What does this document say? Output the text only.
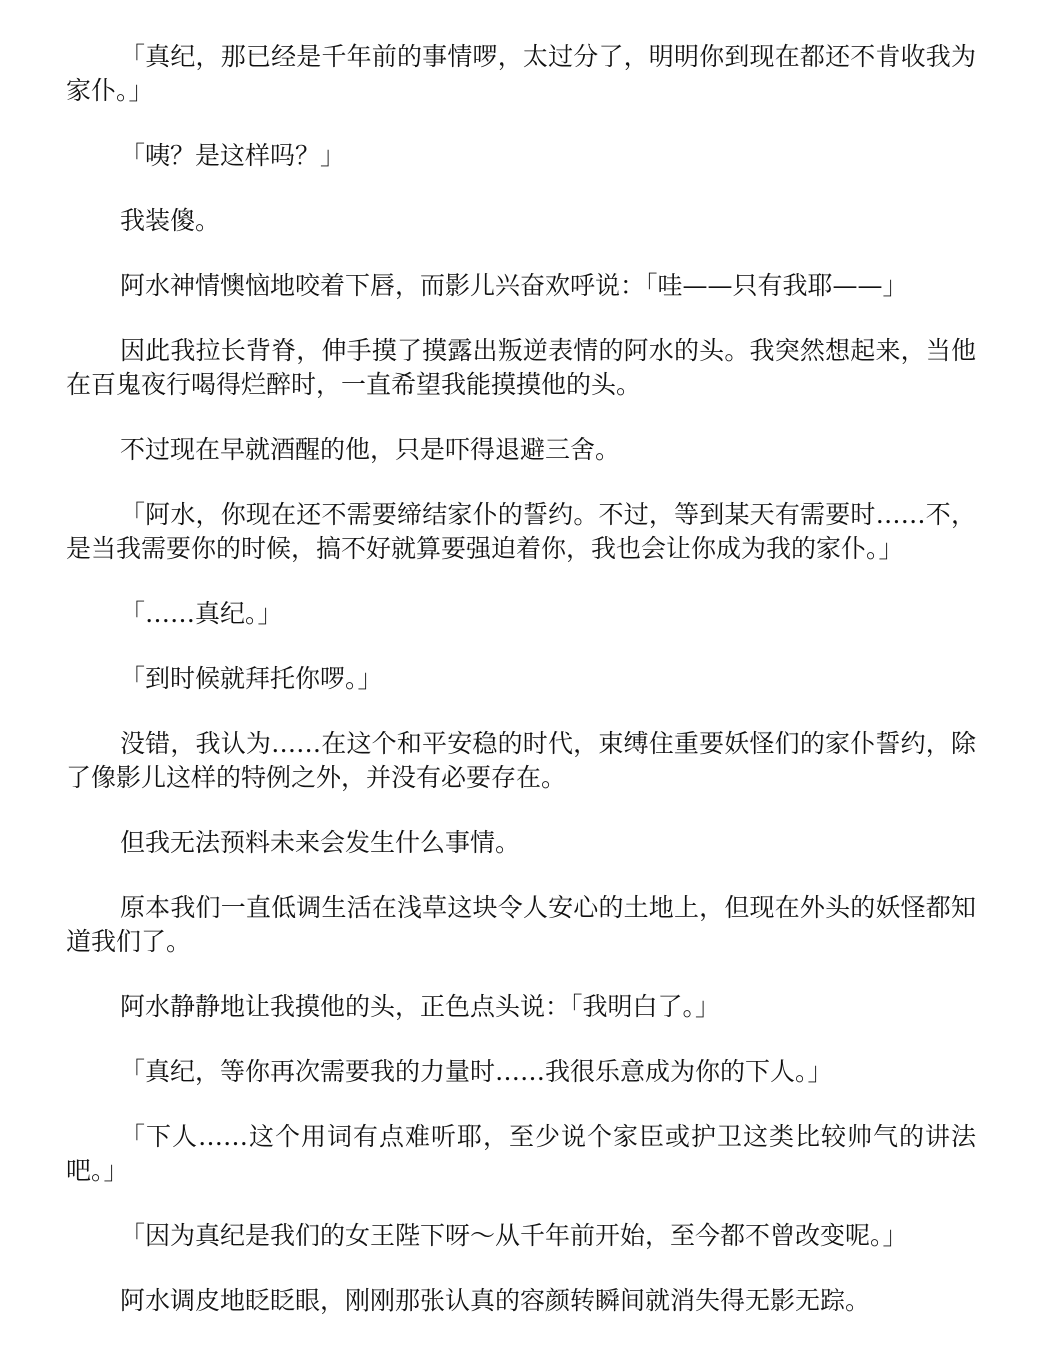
「真纪，那已经是千年前的事情啰，太过分了，明明你到现在都还不肯收我为家仆。」

「咦？是这样吗？」

我装傻。

阿水神情懊恼地咬着下唇，而影儿兴奋欢呼说：「哇——只有我耶——」

因此我拉长背脊，伸手摸了摸露出叛逆表情的阿水的头。我突然想起来，当他在百鬼夜行喝得烂醉时，一直希望我能摸摸他的头。

不过现在早就酒醒的他，只是吓得退避三舍。

「阿水，你现在还不需要缔结家仆的誓约。不过，等到某天有需要时……不，是当我需要你的时候，搞不好就算要强迫着你，我也会让你成为我的家仆。」

「……真纪。」

「到时候就拜托你啰。」

没错，我认为……在这个和平安稳的时代，束缚住重要妖怪们的家仆誓约，除了像影儿这样的特例之外，并没有必要存在。

但我无法预料未来会发生什么事情。

原本我们一直低调生活在浅草这块令人安心的土地上，但现在外头的妖怪都知道我们了。

阿水静静地让我摸他的头，正色点头说：「我明白了。」

「真纪，等你再次需要我的力量时……我很乐意成为你的下人。」

「下人……这个用词有点难听耶，至少说个家臣或护卫这类比较帅气的讲法吧。」

「因为真纪是我们的女王陛下呀～从千年前开始，至今都不曾改变呢。」

阿水调皮地眨眨眼，刚刚那张认真的容颜转瞬间就消失得无影无踪。
